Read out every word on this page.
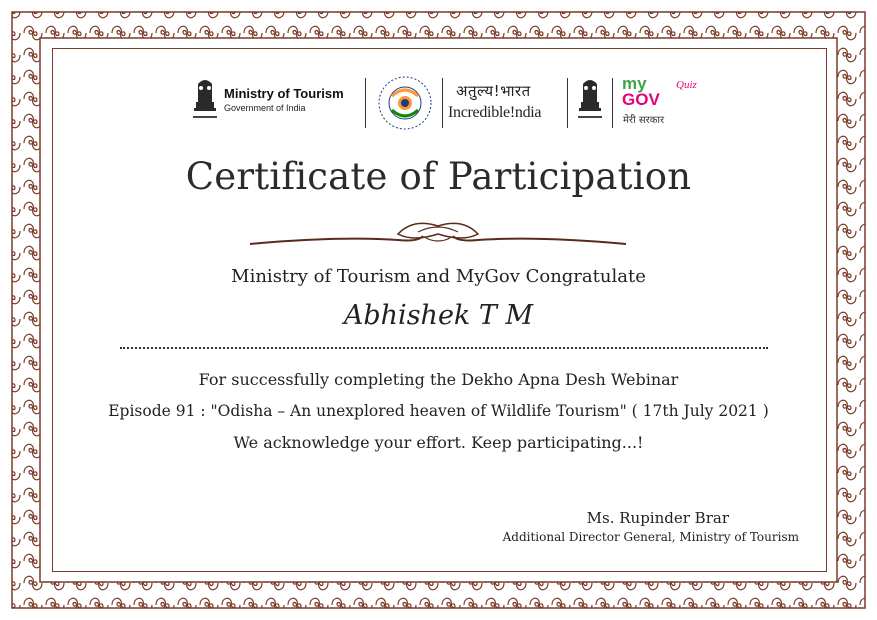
Ministry of Tourism
Government of India
अतुल्य!भारत
Incredible!ndia
my
GOV
Quiz
मेरी सरकार
Certificate of Participation
Ministry of Tourism and MyGov Congratulate
Abhishek T M
For successfully completing the Dekho Apna Desh Webinar
Episode 91 : "Odisha – An unexplored heaven of Wildlife Tourism" ( 17th July 2021 )
We acknowledge your effort. Keep participating...!
Ms. Rupinder Brar
Additional Director General, Ministry of Tourism
